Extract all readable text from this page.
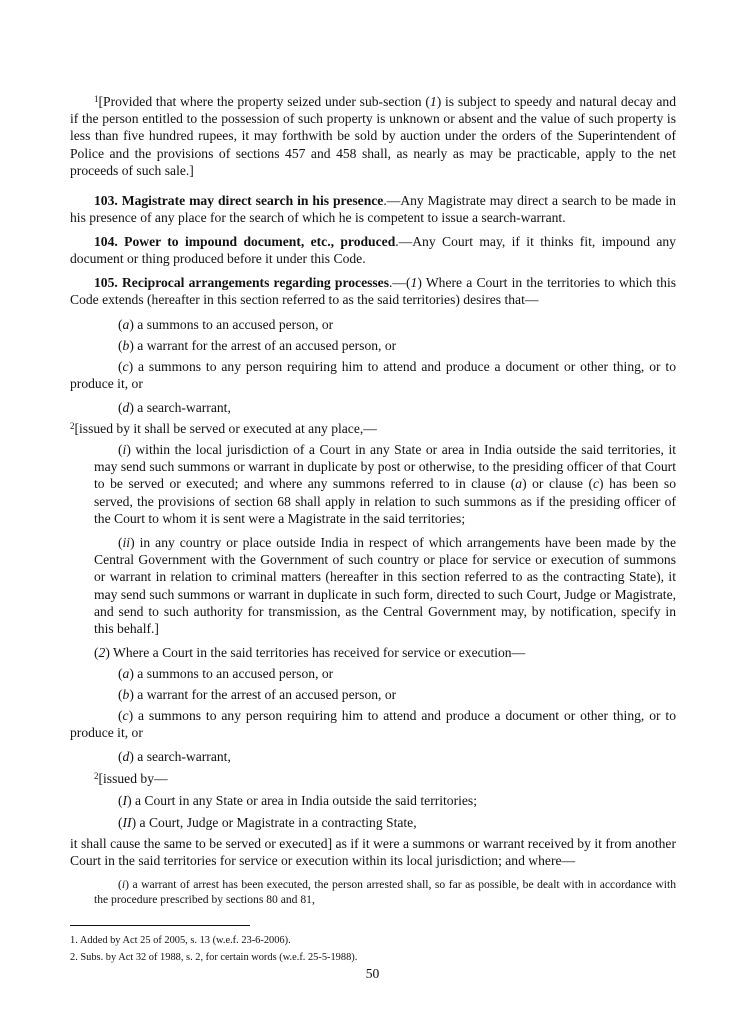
$^1$[Provided that where the property seized under sub-section (1) is subject to speedy and natural decay and if the person entitled to the possession of such property is unknown or absent and the value of such property is less than five hundred rupees, it may forthwith be sold by auction under the orders of the Superintendent of Police and the provisions of sections 457 and 458 shall, as nearly as may be practicable, apply to the net proceeds of such sale.]

103. Magistrate may direct search in his presence.—Any Magistrate may direct a search to be made in his presence of any place for the search of which he is competent to issue a search-warrant.

104. Power to impound document, etc., produced.—Any Court may, if it thinks fit, impound any document or thing produced before it under this Code.

105. Reciprocal arrangements regarding processes.—(1) Where a Court in the territories to which this Code extends (hereafter in this section referred to as the said territories) desires that—

(a) a summons to an accused person, or

(b) a warrant for the arrest of an accused person, or

(c) a summons to any person requiring him to attend and produce a document or other thing, or to produce it, or

(d) a search-warrant,

$^2$[issued by it shall be served or executed at any place,—

(i) within the local jurisdiction of a Court in any State or area in India outside the said territories, it may send such summons or warrant in duplicate by post or otherwise, to the presiding officer of that Court to be served or executed; and where any summons referred to in clause (a) or clause (c) has been so served, the provisions of section 68 shall apply in relation to such summons as if the presiding officer of the Court to whom it is sent were a Magistrate in the said territories;

(ii) in any country or place outside India in respect of which arrangements have been made by the Central Government with the Government of such country or place for service or execution of summons or warrant in relation to criminal matters (hereafter in this section referred to as the contracting State), it may send such summons or warrant in duplicate in such form, directed to such Court, Judge or Magistrate, and send to such authority for transmission, as the Central Government may, by notification, specify in this behalf.]

(2) Where a Court in the said territories has received for service or execution—

(a) a summons to an accused person, or

(b) a warrant for the arrest of an accused person, or

(c) a summons to any person requiring him to attend and produce a document or other thing, or to produce it, or

(d) a search-warrant,

$^2$[issued by—

(I) a Court in any State or area in India outside the said territories;

(II) a Court, Judge or Magistrate in a contracting State,

it shall cause the same to be served or executed] as if it were a summons or warrant received by it from another Court in the said territories for service or execution within its local jurisdiction; and where—

(i) a warrant of arrest has been executed, the person arrested shall, so far as possible, be dealt with in accordance with the procedure prescribed by sections 80 and 81,

1. Added by Act 25 of 2005, s. 13 (w.e.f. 23-6-2006).
2. Subs. by Act 32 of 1988, s. 2, for certain words (w.e.f. 25-5-1988).
50
